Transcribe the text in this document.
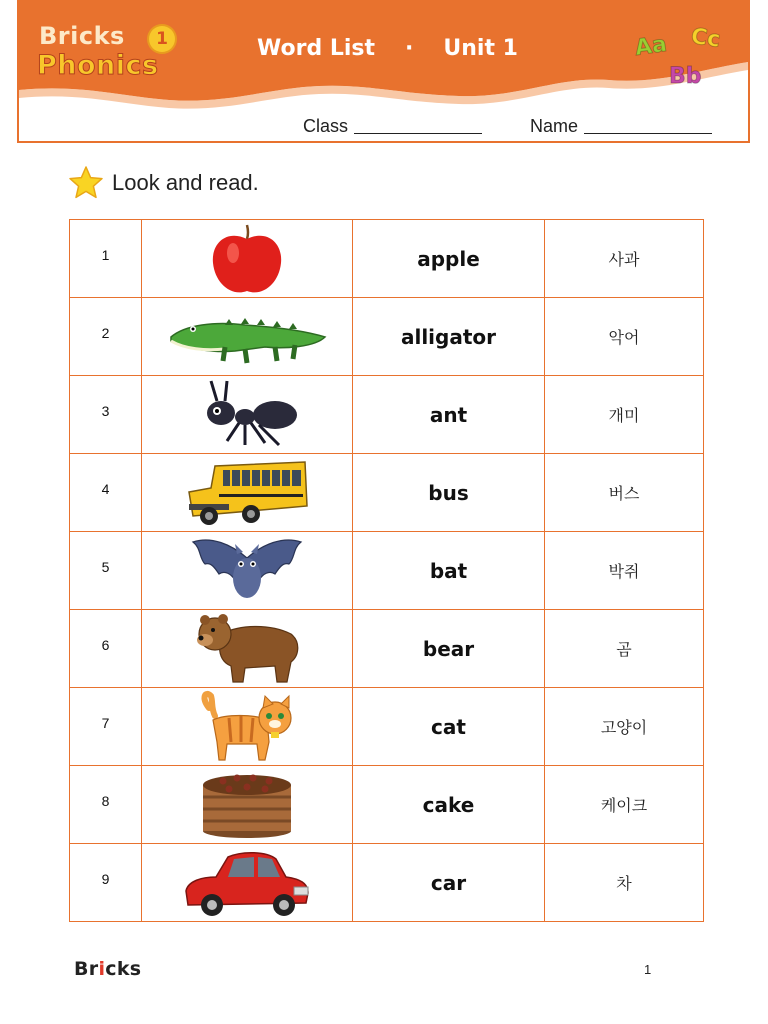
Bricks	1
Phonics
Word List · Unit 1	Aa Cc
Bb
Class	Name
Look and read.
1		apple	사과
2		alligator	악어
3		ant	개미
4		bus	버스
5		bat	박쥐
6		bear	곰
7		cat	고양이
8		cake	케이크
9		car	차
Bricks	1
